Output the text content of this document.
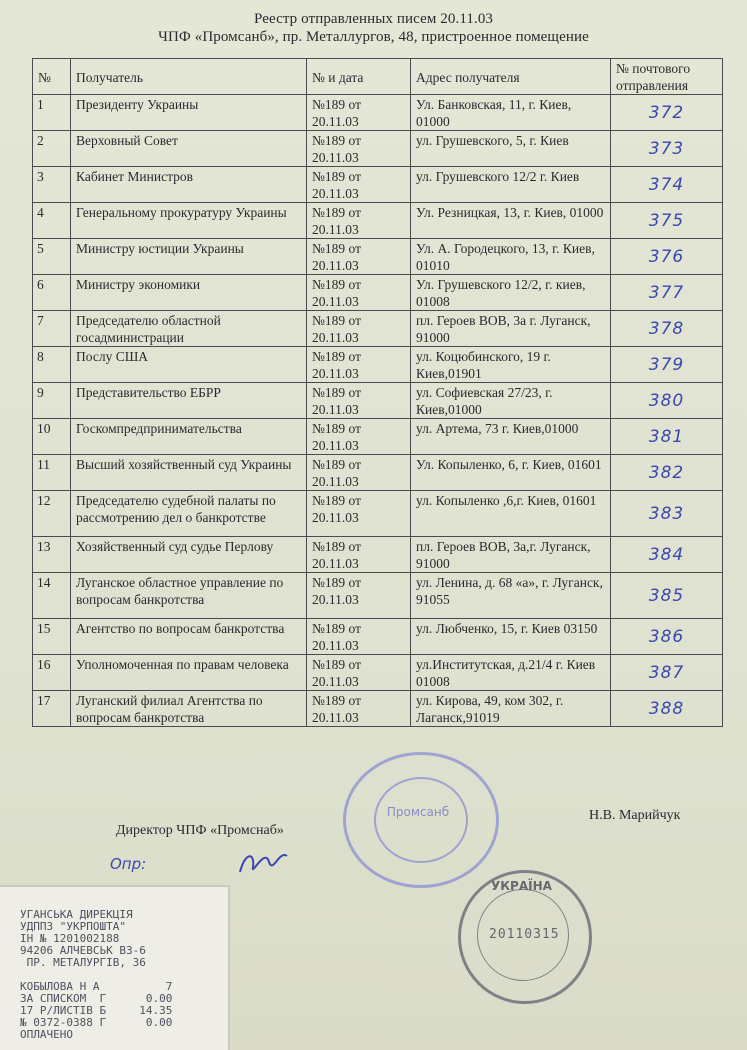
Реестр отправленных писем 20.11.03
ЧПФ «Промсанб», пр. Металлургов, 48, пристроенное помещение
№	Получатель	№ и дата	Адрес получателя	№ почтового отправления
1	Президенту Украины	№189 от 20.11.03	Ул. Банковская, 11, г. Киев, 01000	372
2	Верховный Совет	№189 от 20.11.03	ул. Грушевского, 5, г. Киев	373
3	Кабинет Министров	№189 от 20.11.03	ул. Грушевского 12/2 г. Киев	374
4	Генеральному прокуратуру Украины	№189 от 20.11.03	Ул. Резницкая, 13, г. Киев, 01000	375
5	Министру юстиции Украины	№189 от 20.11.03	Ул. А. Городецкого, 13, г. Киев, 01010	376
6	Министру экономики	№189 от 20.11.03	Ул. Грушевского 12/2, г. киев, 01008	377
7	Председателю областной госадминистрации	№189 от 20.11.03	пл. Героев ВОВ, 3а г. Луганск, 91000	378
8	Послу США	№189 от 20.11.03	ул. Коцюбинского, 19 г. Киев,01901	379
9	Представительство ЕБРР	№189 от 20.11.03	ул. Софиевская 27/23, г. Киев,01000	380
10	Госкомпредпринимательства	№189 от 20.11.03	ул. Артема, 73 г. Киев,01000	381
11	Высший хозяйственный суд Украины	№189 от 20.11.03	Ул. Копыленко, 6, г. Киев, 01601	382
12	Председателю судебной палаты по рассмотрению дел о банкротстве	№189 от 20.11.03	ул. Копыленко ,6,г. Киев, 01601	383
13	Хозяйственный суд судье Перлову	№189 от 20.11.03	пл. Героев ВОВ, 3а,г. Луганск, 91000	384
14	Луганское областное управление по вопросам банкротства	№189 от 20.11.03	ул. Ленина, д. 68 «а», г. Луганск, 91055	385
15	Агентство по вопросам банкротства	№189 от 20.11.03	ул. Любченко, 15, г. Киев 03150	386
16	Уполномоченная по правам человека	№189 от 20.11.03	ул.Институтская, д.21/4 г. Киев 01008	387
17	Луганский филиал Агентства по вопросам банкротства	№189 от 20.11.03	ул. Кирова, 49, ком 302, г. Лаганск,91019	388
Директор ЧПФ «Промснаб»
Н.В. Марийчук
Опр:
Промсанб
УКРАЇНА
20110315
УГАНСЬКА ДИРЕКЦІЯ
УДППЗ "УКРПОШТА"
ІН № 1201002188
94206 АЛЧЕВСЬК В3-6
ПР. МЕТАЛУРГІВ, 36
КОБЫЛОВА Н А          7
ЗА СПИСКОМ  Г      0.00
17 Р/ЛИСТІВ Б     14.35
№ 0372-0388 Г      0.00
ОПЛАЧЕНО
